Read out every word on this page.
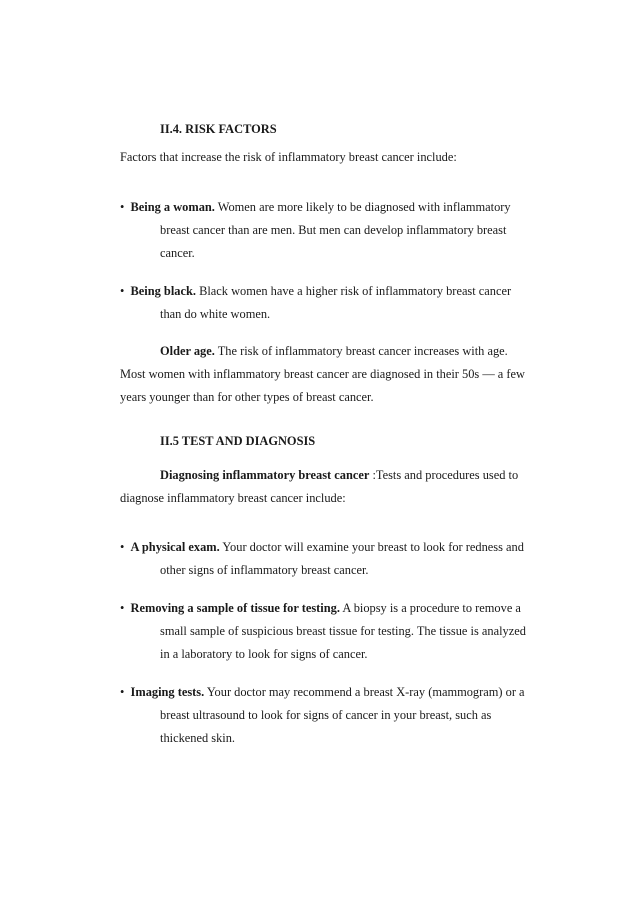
II.4. RISK FACTORS
Factors that increase the risk of inflammatory breast cancer include:
• Being a woman. Women are more likely to be diagnosed with inflammatory
breast cancer than are men. But men can develop inflammatory breast
cancer.
• Being black. Black women have a higher risk of inflammatory breast cancer
than do white women.
Older age. The risk of inflammatory breast cancer increases with age.
Most women with inflammatory breast cancer are diagnosed in their 50s — a few
years younger than for other types of breast cancer.
II.5 TEST AND DIAGNOSIS
Diagnosing inflammatory breast cancer :Tests and procedures used to
diagnose inflammatory breast cancer include:
• A physical exam. Your doctor will examine your breast to look for redness and
other signs of inflammatory breast cancer.
• Removing a sample of tissue for testing. A biopsy is a procedure to remove a
small sample of suspicious breast tissue for testing. The tissue is analyzed
in a laboratory to look for signs of cancer.
• Imaging tests. Your doctor may recommend a breast X-ray (mammogram) or a
breast ultrasound to look for signs of cancer in your breast, such as
thickened skin.
